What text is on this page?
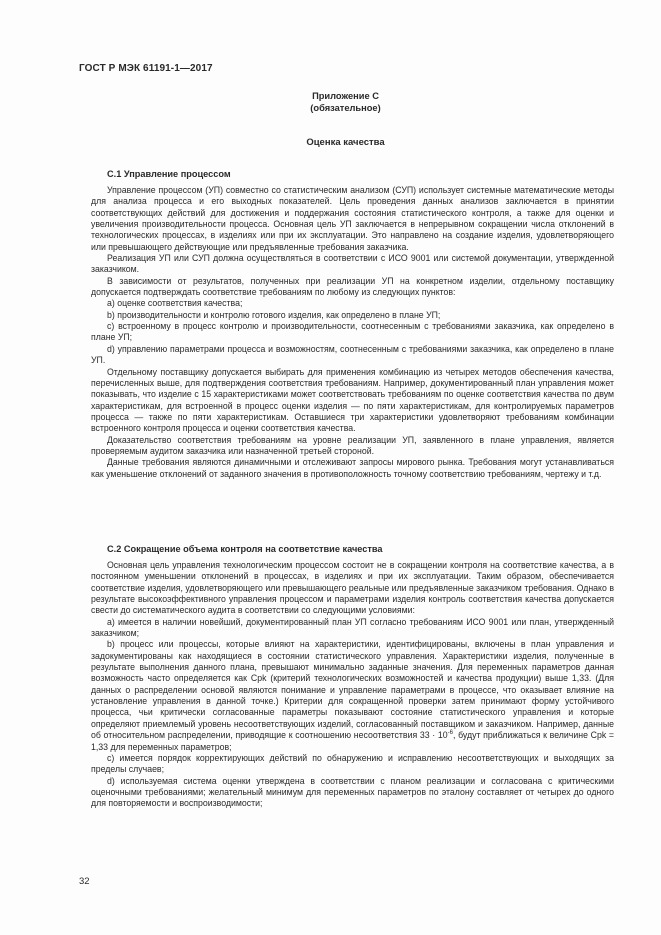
ГОСТ Р МЭК 61191-1—2017
Приложение С
(обязательное)
Оценка качества
С.1 Управление процессом

Управление процессом (УП) совместно со статистическим анализом (СУП) использует системные математические методы для анализа процесса и его выходных показателей. Цель проведения данных анализов заключается в принятии соответствующих действий для достижения и поддержания состояния статистического контроля, а также для оценки и увеличения производительности процесса. Основная цель УП заключается в непрерывном сокращении числа отклонений в технологических процессах, в изделиях или при их эксплуатации. Это направлено на создание изделия, удовлетворяющего или превышающего действующие или предъявленные требования заказчика.

Реализация УП или СУП должна осуществляться в соответствии с ИСО 9001 или системой документации, утвержденной заказчиком.

В зависимости от результатов, полученных при реализации УП на конкретном изделии, отдельному поставщику допускается подтверждать соответствие требованиям по любому из следующих пунктов:

а) оценке соответствия качества;

b) производительности и контролю готового изделия, как определено в плане УП;

с) встроенному в процесс контролю и производительности, соотнесенным с требованиями заказчика, как определено в плане УП;

d) управлению параметрами процесса и возможностям, соотнесенным с требованиями заказчика, как определено в плане УП.

Отдельному поставщику допускается выбирать для применения комбинацию из четырех методов обеспечения качества, перечисленных выше, для подтверждения соответствия требованиям. Например, документированный план управления может показывать, что изделие с 15 характеристиками может соответствовать требованиям по оценке соответствия качества по двум характеристикам, для встроенной в процесс оценки изделия — по пяти характеристикам, для контролируемых параметров процесса — также по пяти характеристикам. Оставшиеся три характеристики удовлетворяют требованиям комбинации встроенного контроля процесса и оценки соответствия качества.

Доказательство соответствия требованиям на уровне реализации УП, заявленного в плане управления, является проверяемым аудитом заказчика или назначенной третьей стороной.

Данные требования являются динамичными и отслеживают запросы мирового рынка. Требования могут устанавливаться как уменьшение отклонений от заданного значения в противоположность точному соответствию требованиям, чертежу и т.д.

С.2 Сокращение объема контроля на соответствие качества

Основная цель управления технологическим процессом состоит не в сокращении контроля на соответствие качества, а в постоянном уменьшении отклонений в процессах, в изделиях и при их эксплуатации. Таким образом, обеспечивается соответствие изделия, удовлетворяющего или превышающего реальные или предъявленные заказчиком требования. Однако в результате высокоэффективного управления процессом и параметрами изделия контроль соответствия качества допускается свести до систематического аудита в соответствии со следующими условиями:

а) имеется в наличии новейший, документированный план УП согласно требованиям ИСО 9001 или план, утвержденный заказчиком;

b) процесс или процессы, которые влияют на характеристики, идентифицированы, включены в план управления и задокументированы как находящиеся в состоянии статистического управления. Характеристики изделия, полученные в результате выполнения данного плана, превышают минимально заданные значения. Для переменных параметров данная возможность часто определяется как Cpk (критерий технологических возможностей и качества продукции) выше 1,33. (Для данных о распределении основой являются понимание и управление параметрами в процессе, что оказывает влияние на установление управления в данной точке.) Критерии для сокращенной проверки затем принимают форму устойчивого процесса, чьи критически согласованные параметры показывают состояние статистического управления и которые определяют приемлемый уровень несоответствующих изделий, согласованный поставщиком и заказчиком. Например, данные об относительном распределении, приводящие к соотношению несоответствия $33 \cdot 10^{-6}$, будут приближаться к величине Cpk = 1,33 для переменных параметров;

с) имеется порядок корректирующих действий по обнаружению и исправлению несоответствующих и выходящих за пределы случаев;

d) используемая система оценки утверждена в соответствии с планом реализации и согласована с критическими оценочными требованиями; желательный минимум для переменных параметров по эталону составляет от четырех до одного для повторяемости и воспроизводимости;

32
